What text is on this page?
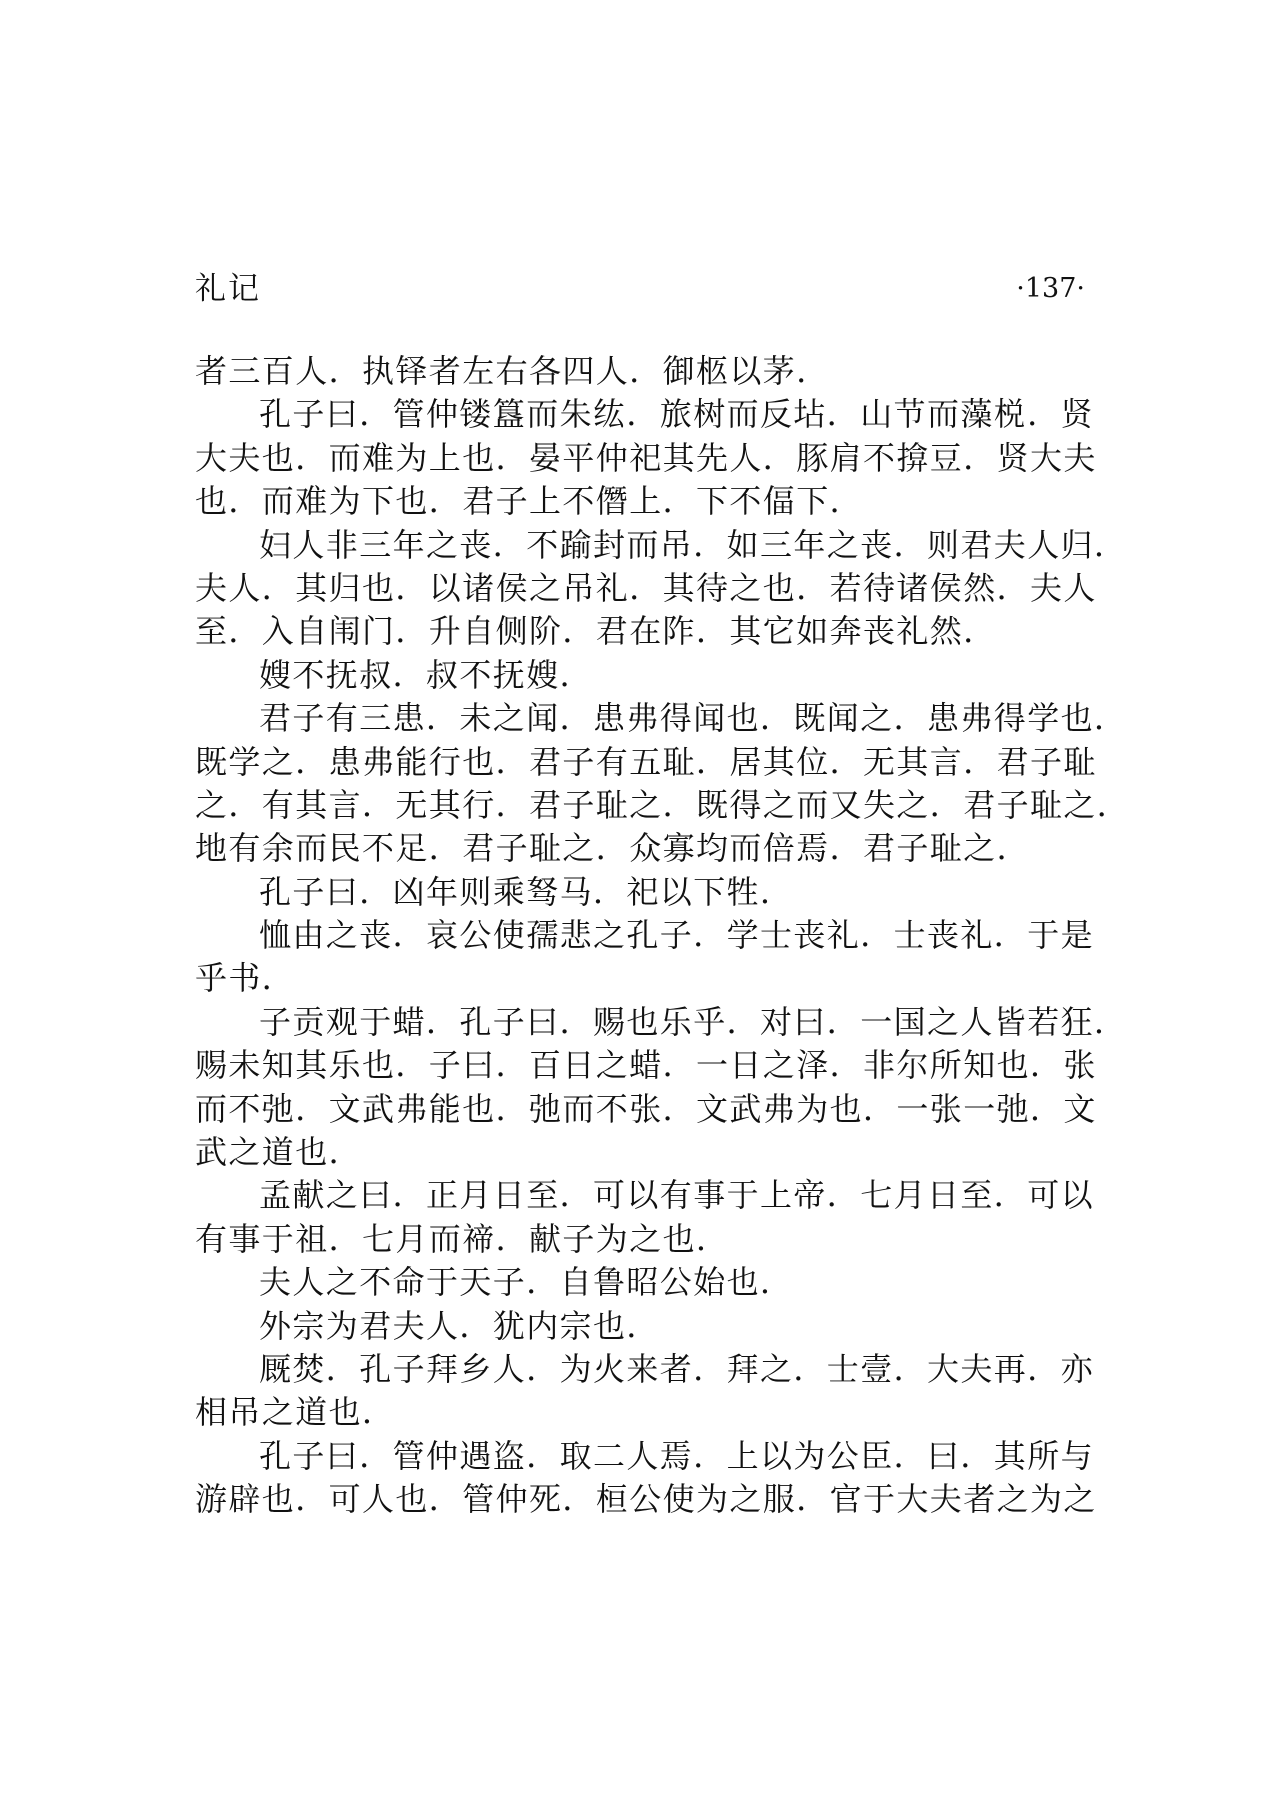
礼记	·137·
者三百人．执铎者左右各四人．御柩以茅．
孔子曰．管仲镂簋而朱纮．旅树而反坫．山节而藻棁．贤
大夫也．而难为上也．晏平仲祀其先人．豚肩不揜豆．贤大夫
也．而难为下也．君子上不僭上．下不偪下．
妇人非三年之丧．不踰封而吊．如三年之丧．则君夫人归．
夫人．其归也．以诸侯之吊礼．其待之也．若待诸侯然．夫人
至．入自闱门．升自侧阶．君在阼．其它如奔丧礼然．
嫂不抚叔．叔不抚嫂．
君子有三患．未之闻．患弗得闻也．既闻之．患弗得学也．
既学之．患弗能行也．君子有五耻．居其位．无其言．君子耻
之．有其言．无其行．君子耻之．既得之而又失之．君子耻之．
地有余而民不足．君子耻之．众寡均而倍焉．君子耻之．
孔子曰．凶年则乘驽马．祀以下牲．
恤由之丧．哀公使孺悲之孔子．学士丧礼．士丧礼．于是
乎书．
子贡观于蜡．孔子曰．赐也乐乎．对曰．一国之人皆若狂．
赐未知其乐也．子曰．百日之蜡．一日之泽．非尔所知也．张
而不弛．文武弗能也．弛而不张．文武弗为也．一张一弛．文
武之道也．
孟献之曰．正月日至．可以有事于上帝．七月日至．可以
有事于祖．七月而禘．献子为之也．
夫人之不命于天子．自鲁昭公始也．
外宗为君夫人．犹内宗也．
厩焚．孔子拜乡人．为火来者．拜之．士壹．大夫再．亦
相吊之道也．
孔子曰．管仲遇盗．取二人焉．上以为公臣．曰．其所与
游辟也．可人也．管仲死．桓公使为之服．官于大夫者之为之
